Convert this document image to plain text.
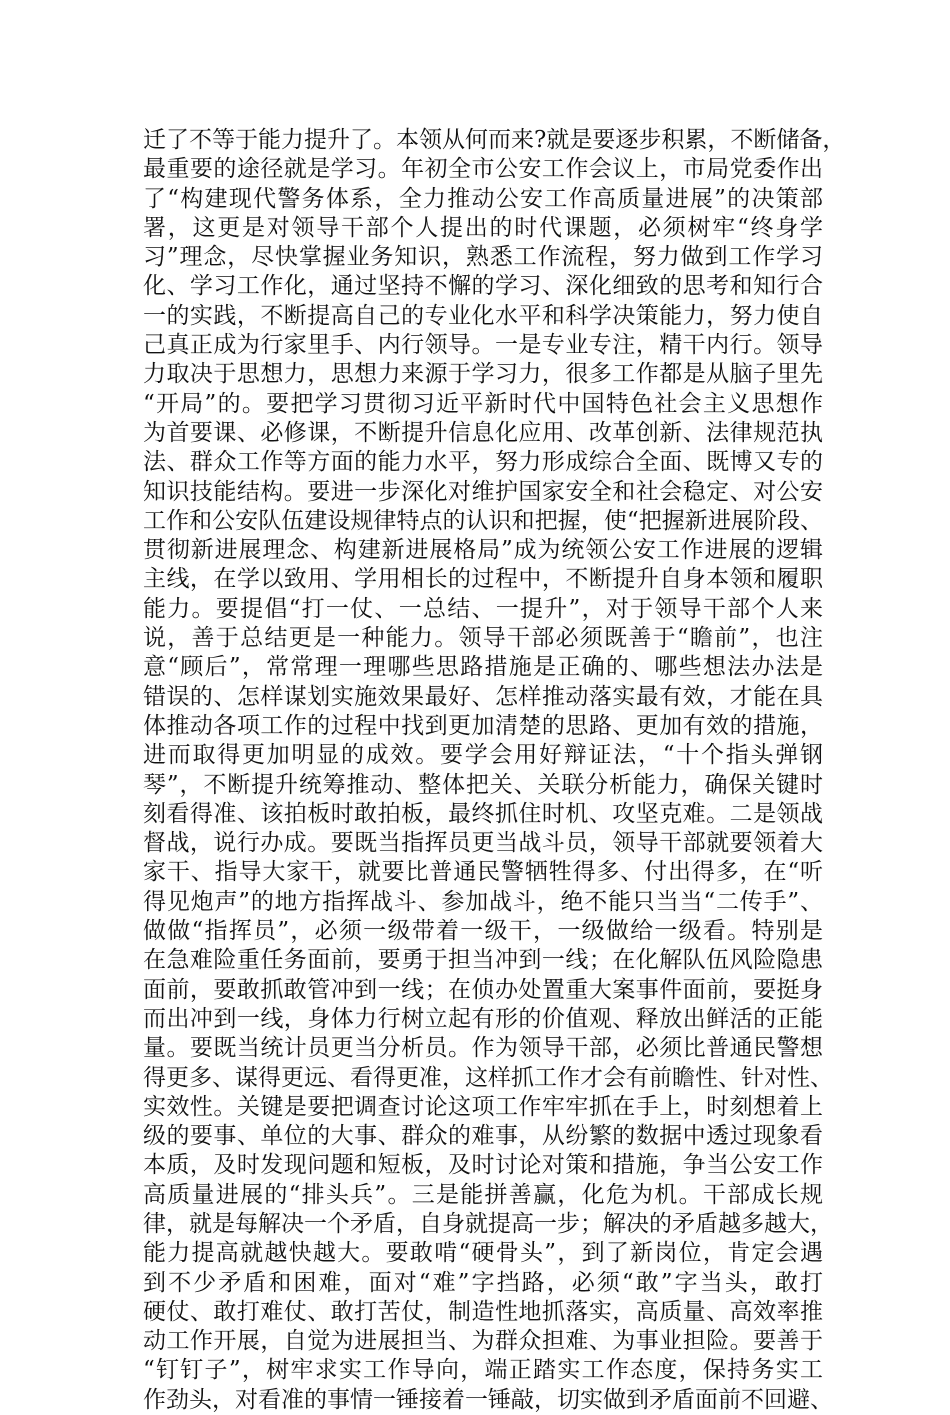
迁了不等于能力提升了。本领从何而来?就是要逐步积累，不断储备，
最重要的途径就是学习。年初全市公安工作会议上，市局党委作出
了“构建现代警务体系，全力推动公安工作高质量进展”的决策部
署，这更是对领导干部个人提出的时代课题，必须树牢“终身学
习”理念，尽快掌握业务知识，熟悉工作流程，努力做到工作学习
化、学习工作化，通过坚持不懈的学习、深化细致的思考和知行合
一的实践，不断提高自己的专业化水平和科学决策能力，努力使自
己真正成为行家里手、内行领导。一是专业专注，精干内行。领导
力取决于思想力，思想力来源于学习力，很多工作都是从脑子里先
“开局”的。要把学习贯彻习近平新时代中国特色社会主义思想作
为首要课、必修课，不断提升信息化应用、改革创新、法律规范执
法、群众工作等方面的能力水平，努力形成综合全面、既博又专的
知识技能结构。要进一步深化对维护国家安全和社会稳定、对公安
工作和公安队伍建设规律特点的认识和把握，使“把握新进展阶段、
贯彻新进展理念、构建新进展格局”成为统领公安工作进展的逻辑
主线，在学以致用、学用相长的过程中，不断提升自身本领和履职
能力。要提倡“打一仗、一总结、一提升”，对于领导干部个人来
说，善于总结更是一种能力。领导干部必须既善于“瞻前”，也注
意“顾后”，常常理一理哪些思路措施是正确的、哪些想法办法是
错误的、怎样谋划实施效果最好、怎样推动落实最有效，才能在具
体推动各项工作的过程中找到更加清楚的思路、更加有效的措施，
进而取得更加明显的成效。要学会用好辩证法，“十个指头弹钢
琴”，不断提升统筹推动、整体把关、关联分析能力，确保关键时
刻看得准、该拍板时敢拍板，最终抓住时机、攻坚克难。二是领战
督战，说行办成。要既当指挥员更当战斗员，领导干部就要领着大
家干、指导大家干，就要比普通民警牺牲得多、付出得多，在“听
得见炮声”的地方指挥战斗、参加战斗，绝不能只当当“二传手”、
做做“指挥员”，必须一级带着一级干，一级做给一级看。特别是
在急难险重任务面前，要勇于担当冲到一线；在化解队伍风险隐患
面前，要敢抓敢管冲到一线；在侦办处置重大案事件面前，要挺身
而出冲到一线，身体力行树立起有形的价值观、释放出鲜活的正能
量。要既当统计员更当分析员。作为领导干部，必须比普通民警想
得更多、谋得更远、看得更准，这样抓工作才会有前瞻性、针对性、
实效性。关键是要把调查讨论这项工作牢牢抓在手上，时刻想着上
级的要事、单位的大事、群众的难事，从纷繁的数据中透过现象看
本质，及时发现问题和短板，及时讨论对策和措施，争当公安工作
高质量进展的“排头兵”。三是能拼善赢，化危为机。干部成长规
律，就是每解决一个矛盾，自身就提高一步；解决的矛盾越多越大，
能力提高就越快越大。要敢啃“硬骨头”，到了新岗位，肯定会遇
到不少矛盾和困难，面对“难”字挡路，必须“敢”字当头，敢打
硬仗、敢打难仗、敢打苦仗，制造性地抓落实，高质量、高效率推
动工作开展，自觉为进展担当、为群众担难、为事业担险。要善于
“钉钉子”，树牢求实工作导向，端正踏实工作态度，保持务实工
作劲头，对看准的事情一锤接着一锤敲，切实做到矛盾面前不回避、
